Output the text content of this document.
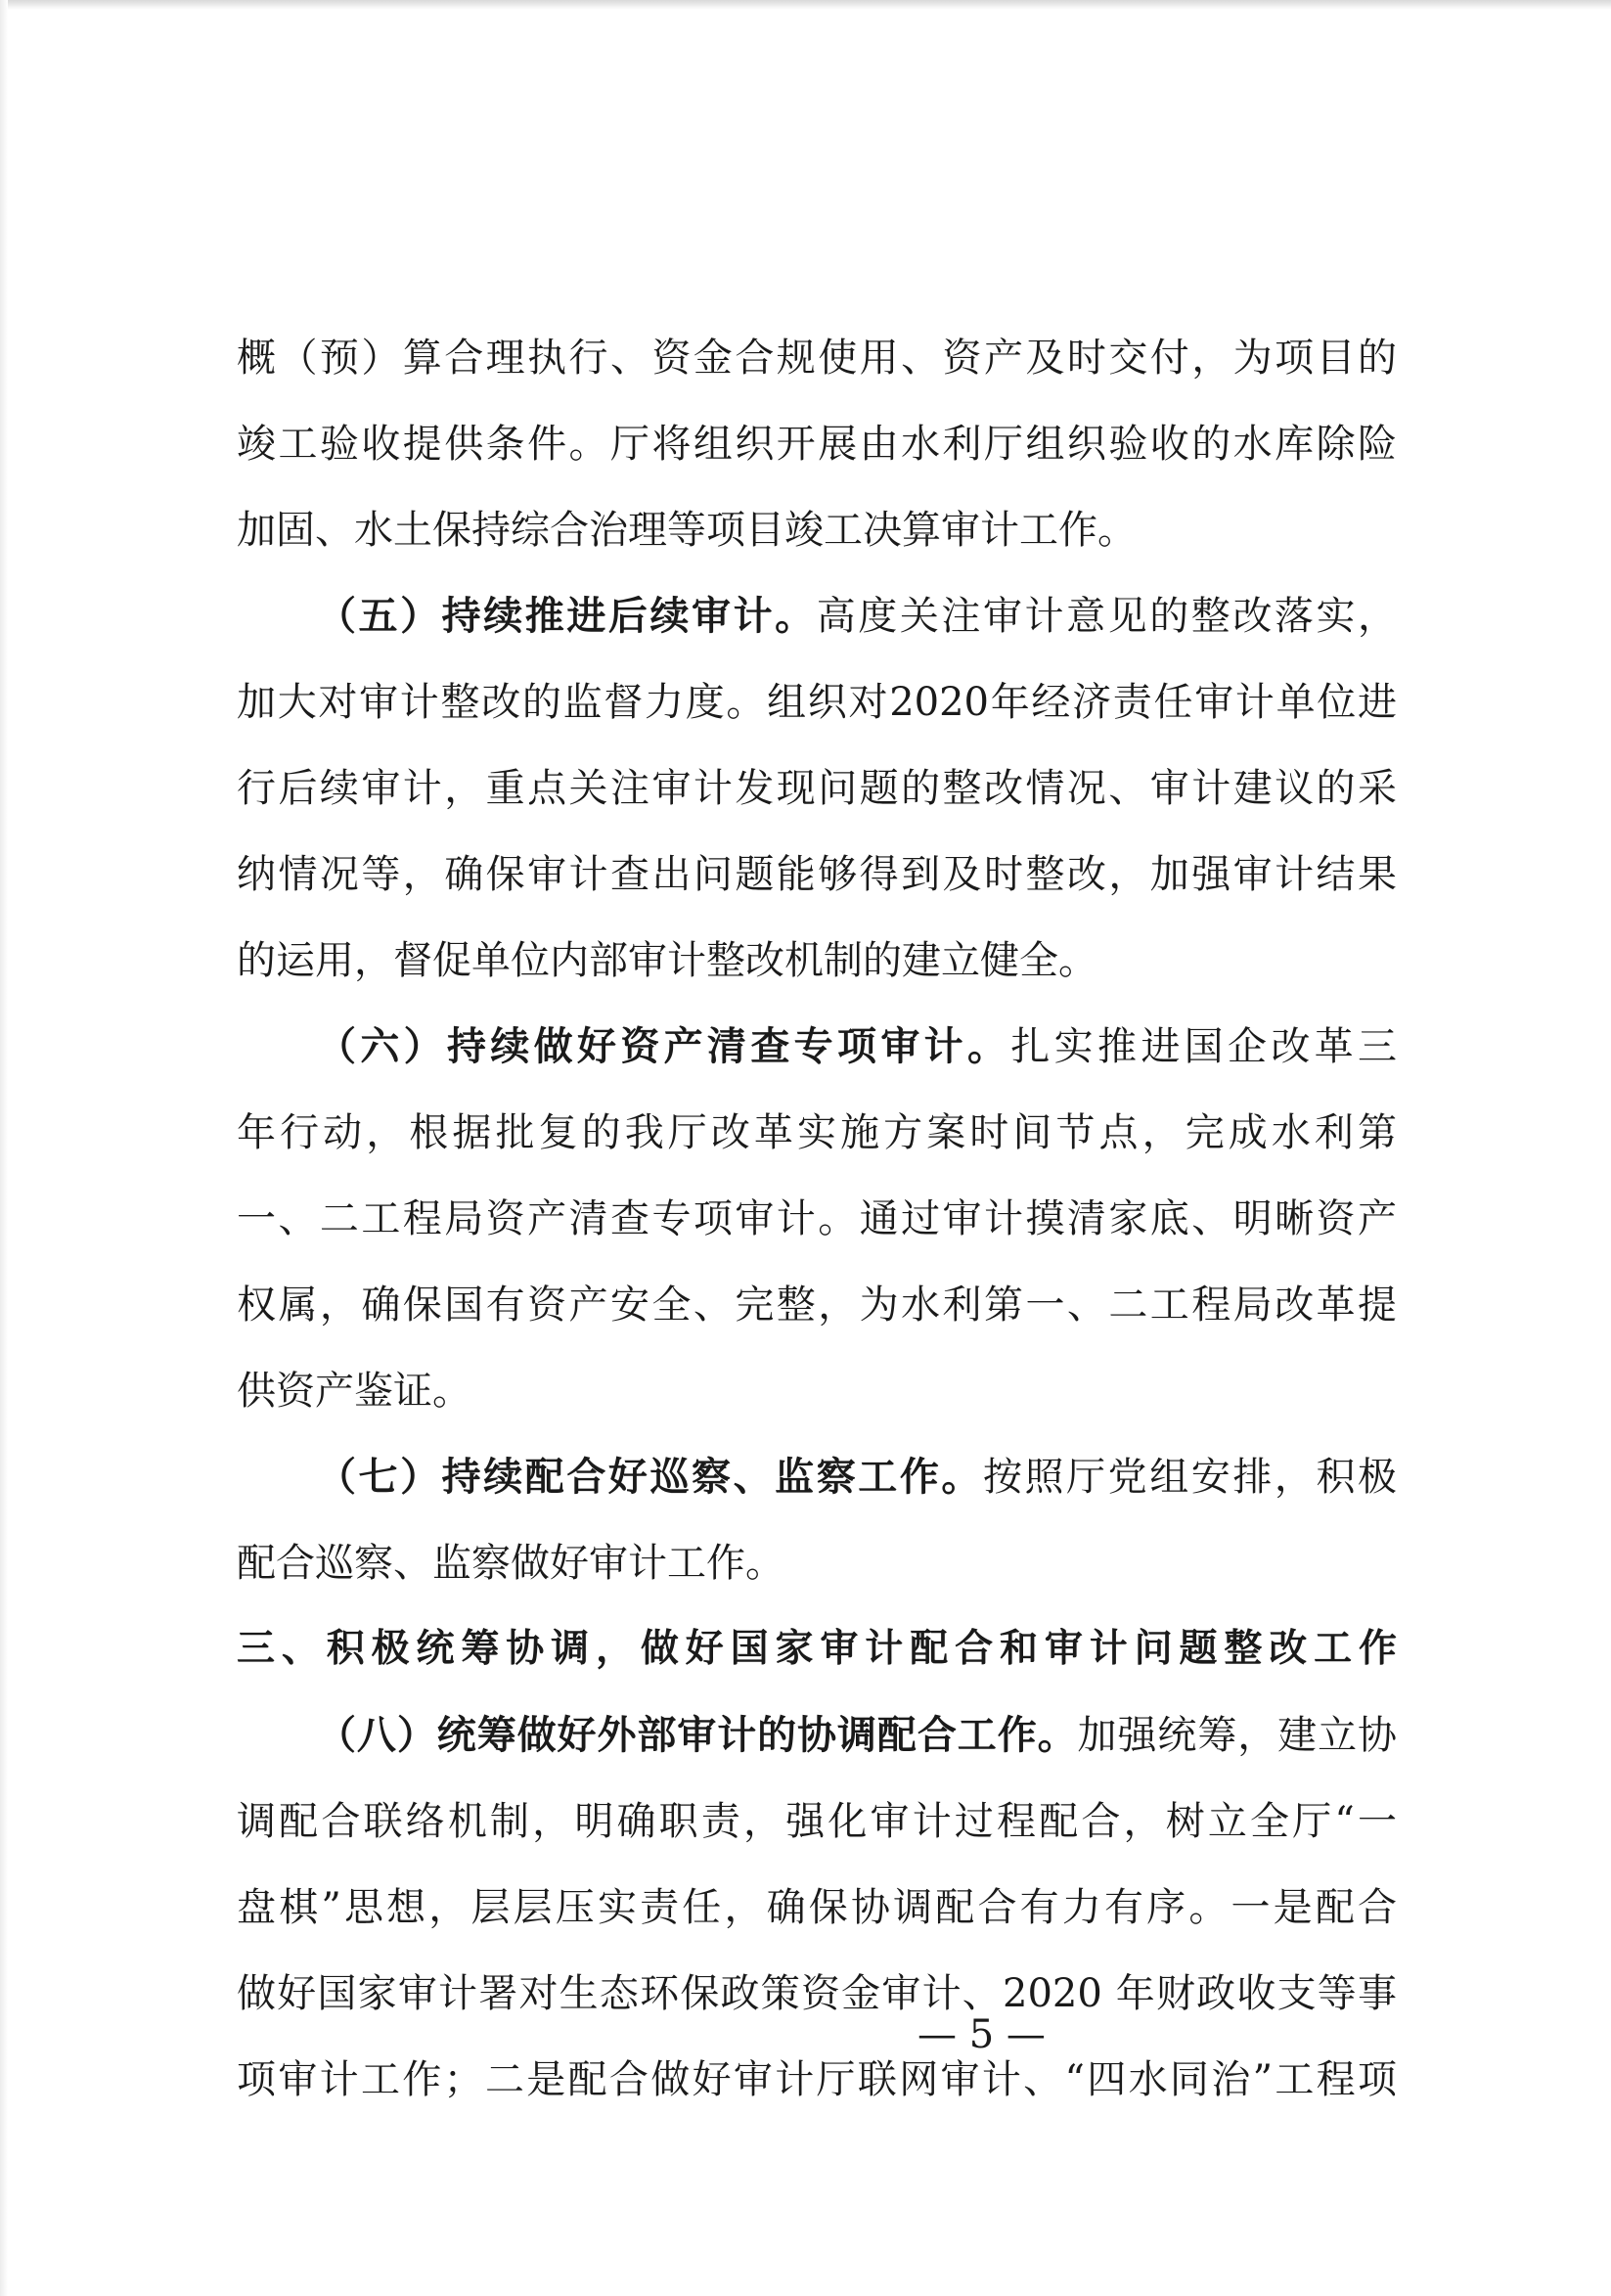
概（预）算合理执行、资金合规使用、资产及时交付，为项目的
竣工验收提供条件。厅将组织开展由水利厅组织验收的水库除险
加固、水土保持综合治理等项目竣工决算审计工作。
（五）持续推进后续审计。高度关注审计意见的整改落实，
加大对审计整改的监督力度。组织对2020年经济责任审计单位进
行后续审计，重点关注审计发现问题的整改情况、审计建议的采
纳情况等，确保审计查出问题能够得到及时整改，加强审计结果
的运用，督促单位内部审计整改机制的建立健全。
（六）持续做好资产清查专项审计。扎实推进国企改革三
年行动，根据批复的我厅改革实施方案时间节点，完成水利第
一、二工程局资产清查专项审计。通过审计摸清家底、明晰资产
权属，确保国有资产安全、完整，为水利第一、二工程局改革提
供资产鉴证。
（七）持续配合好巡察、监察工作。按照厅党组安排，积极
配合巡察、监察做好审计工作。
三、积极统筹协调，做好国家审计配合和审计问题整改工作
（八）统筹做好外部审计的协调配合工作。加强统筹，建立协
调配合联络机制，明确职责，强化审计过程配合，树立全厅“一
盘棋”思想，层层压实责任，确保协调配合有力有序。一是配合
做好国家审计署对生态环保政策资金审计、2020 年财政收支等事
项审计工作；二是配合做好审计厅联网审计、“四水同治”工程项
— 5 —
